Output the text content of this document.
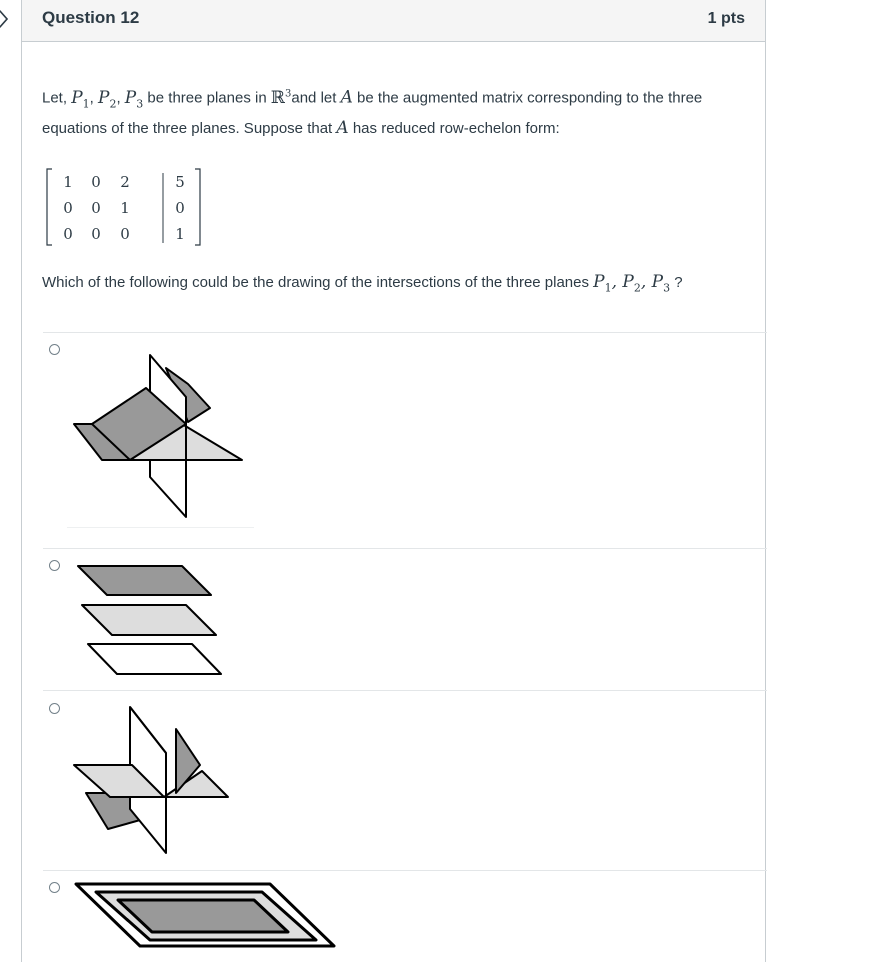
Question 12	1 pts
Let, $P_1$, $P_2$, $P_3$ be three planes in ℝ$^3$and let A be the augmented matrix corresponding to the three equations of the three planes. Suppose that A has reduced row-echelon form:
1 0 2	5
0 0 1	0
0 0 0	1
Which of the following could be the drawing of the intersections of the three planes $P_1$, $P_2$, $P_3$ ?
